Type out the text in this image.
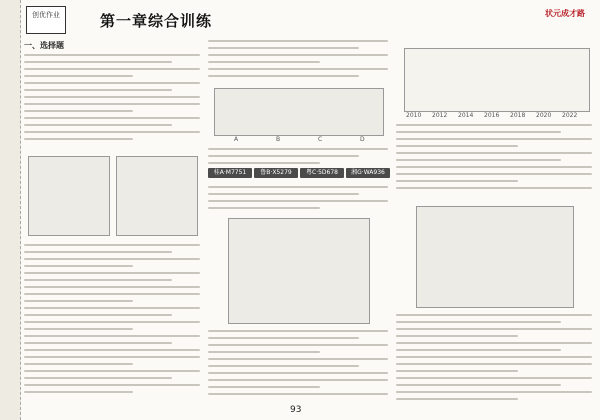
创优作业	第一章综合训练	状元成才路
一、选择题
A	B	C	D
桂A·M7751	鲁B·X5279	粤C·5D678	湘G·WA936
2010 2012 2014 2016 2018 2020 2022
93
